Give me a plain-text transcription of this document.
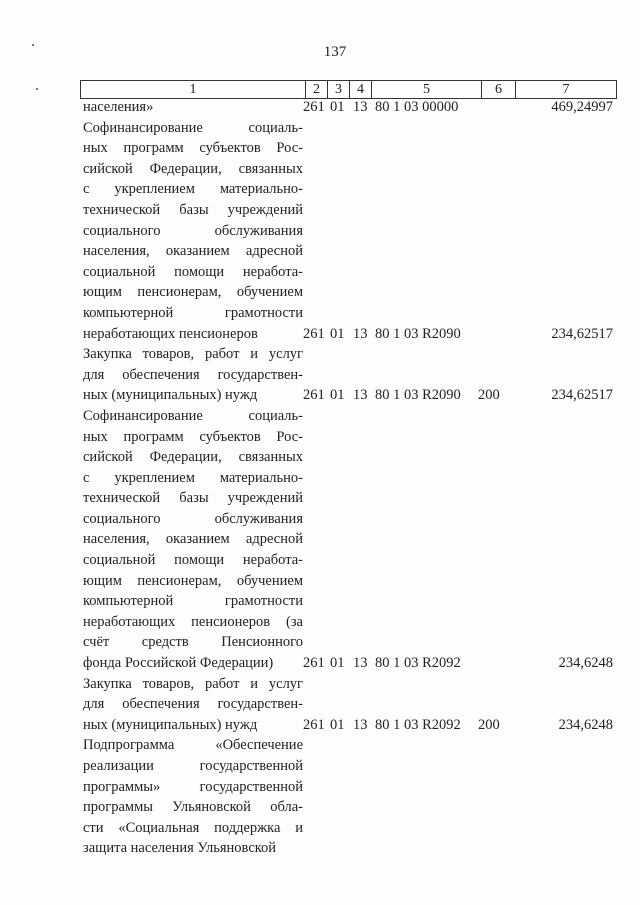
137
1	2	3	4	5	6	7
населения»	261 01 13 80 1 03 00000	469,24997
Софинансирование социаль-
ных программ субъектов Рос-
сийской Федерации, связанных
с укреплением материально-
технической базы учреждений
социального обслуживания
населения, оказанием адресной
социальной помощи неработа-
ющим пенсионерам, обучением
компьютерной грамотности
неработающих пенсионеров	261 01 13 80 1 03 R2090	234,62517
Закупка товаров, работ и услуг
для обеспечения государствен-
ных (муниципальных) нужд	261 01 13 80 1 03 R2090 200	234,62517
Софинансирование социаль-
ных программ субъектов Рос-
сийской Федерации, связанных
с укреплением материально-
технической базы учреждений
социального обслуживания
населения, оказанием адресной
социальной помощи неработа-
ющим пенсионерам, обучением
компьютерной грамотности
неработающих пенсионеров (за
счёт средств Пенсионного
фонда Российской Федерации)	261 01 13 80 1 03 R2092	234,6248
Закупка товаров, работ и услуг
для обеспечения государствен-
ных (муниципальных) нужд	261 01 13 80 1 03 R2092 200	234,6248
Подпрограмма «Обеспечение
реализации государственной
программы» государственной
программы Ульяновской обла-
сти «Социальная поддержка и
защита населения Ульяновской
